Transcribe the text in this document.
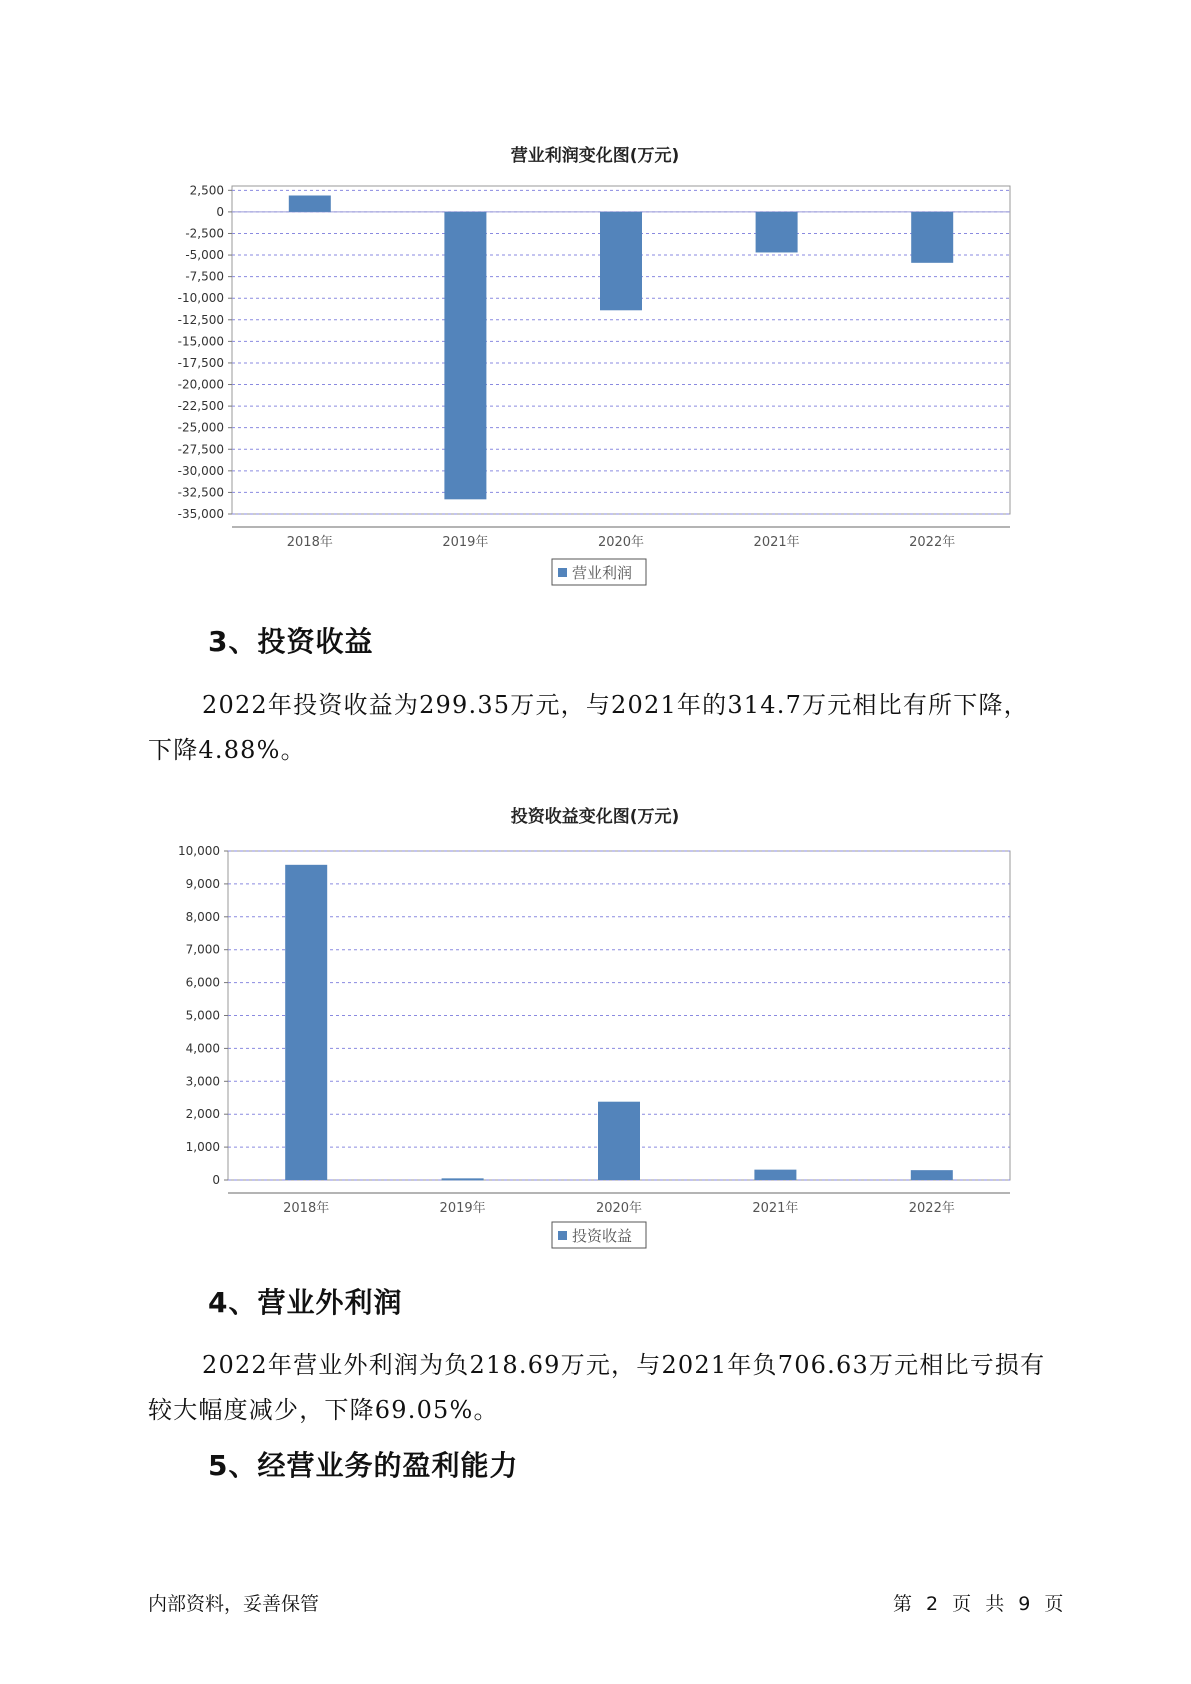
营业利润变化图(万元)
2,500
0
-2,500
-5,000
-7,500
-10,000
-12,500
-15,000
-17,500
-20,000
-22,500
-25,000
-27,500
-30,000
-32,500
-35,000
2018年	2019年	2020年	2021年	2022年
营业利润
3、投资收益

2022年投资收益为299.35万元，与2021年的314.7万元相比有所下降，下降4.88%。

投资收益变化图(万元)
10,000
9,000
8,000
7,000
6,000
5,000
4,000
3,000
2,000
1,000
0
2018年	2019年	2020年	2021年	2022年
投资收益
4、营业外利润

2022年营业外利润为负218.69万元，与2021年负706.63万元相比亏损有较大幅度减少，下降69.05%。

5、经营业务的盈利能力
内部资料，妥善保管	第 2 页 共 9 页
